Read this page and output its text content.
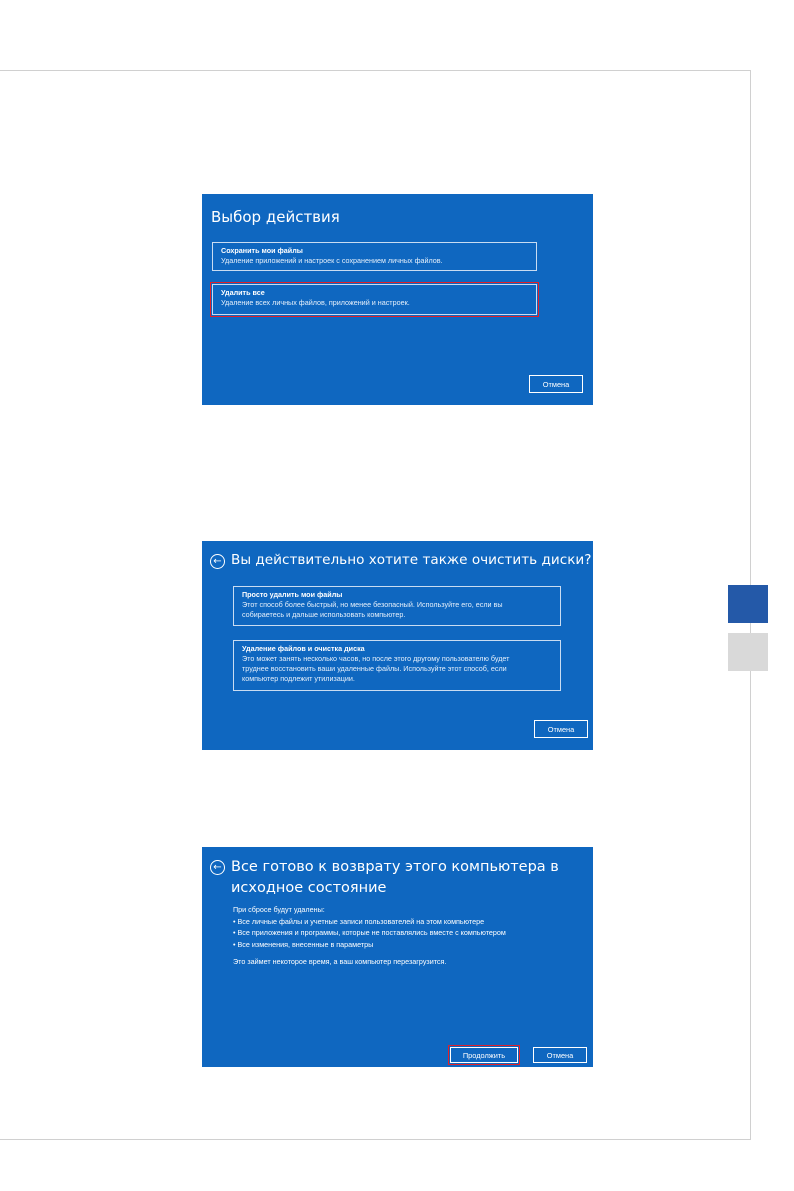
Выбор действия
Сохранить мои файлы
Удаление приложений и настроек с сохранением личных файлов.
Удалить все
Удаление всех личных файлов, приложений и настроек.
Отмена
← Вы действительно хотите также очистить диски?
Просто удалить мои файлы
Этот способ более быстрый, но менее безопасный. Используйте его, если вы
собираетесь и дальше использовать компьютер.
Удаление файлов и очистка диска
Это может занять несколько часов, но после этого другому пользователю будет
труднее восстановить ваши удаленные файлы. Используйте этот способ, если
компьютер подлежит утилизации.
Отмена
← Все готово к возврату этого компьютера в исходное состояние
При сбросе будут удалены:
• Все личные файлы и учетные записи пользователей на этом компьютере
• Все приложения и программы, которые не поставлялись вместе с компьютером
• Все изменения, внесенные в параметры
Это займет некоторое время, а ваш компьютер перезагрузится.
Продолжить	Отмена
